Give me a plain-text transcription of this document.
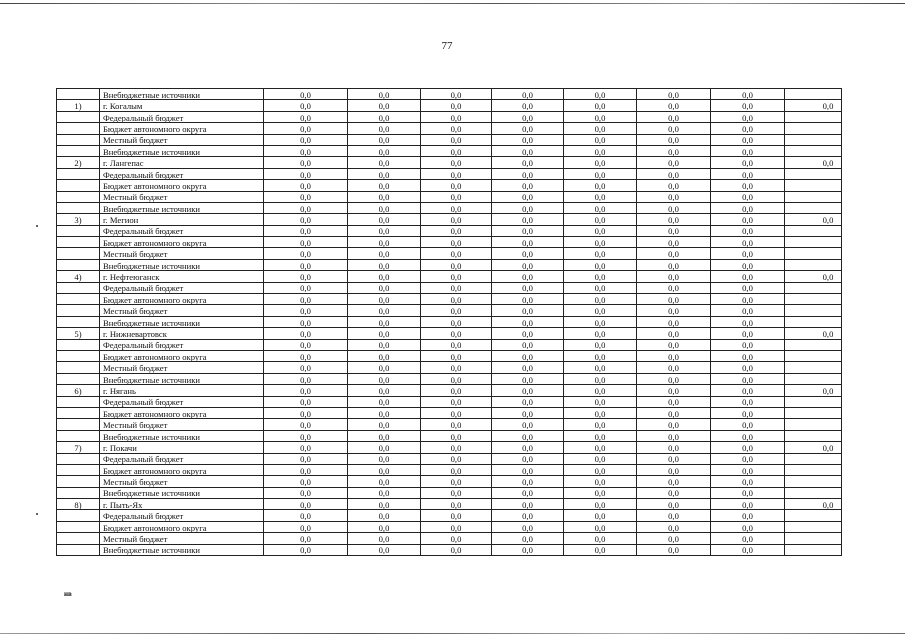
77
	Внебюджетные источники	0,0	0,0	0,0	0,0	0,0	0,0	0,0	
1)	г. Когалым	0,0	0,0	0,0	0,0	0,0	0,0	0,0	0,0
	Федеральный бюджет	0,0	0,0	0,0	0,0	0,0	0,0	0,0	
	Бюджет автономного округа	0,0	0,0	0,0	0,0	0,0	0,0	0,0	
	Местный бюджет	0,0	0,0	0,0	0,0	0,0	0,0	0,0	
	Внебюджетные источники	0,0	0,0	0,0	0,0	0,0	0,0	0,0	
2)	г. Лангепас	0,0	0,0	0,0	0,0	0,0	0,0	0,0	0,0
	Федеральный бюджет	0,0	0,0	0,0	0,0	0,0	0,0	0,0	
	Бюджет автономного округа	0,0	0,0	0,0	0,0	0,0	0,0	0,0	
	Местный бюджет	0,0	0,0	0,0	0,0	0,0	0,0	0,0	
	Внебюджетные источники	0,0	0,0	0,0	0,0	0,0	0,0	0,0	
3)	г. Мегион	0,0	0,0	0,0	0,0	0,0	0,0	0,0	0,0
	Федеральный бюджет	0,0	0,0	0,0	0,0	0,0	0,0	0,0	
	Бюджет автономного округа	0,0	0,0	0,0	0,0	0,0	0,0	0,0	
	Местный бюджет	0,0	0,0	0,0	0,0	0,0	0,0	0,0	
	Внебюджетные источники	0,0	0,0	0,0	0,0	0,0	0,0	0,0	
4)	г. Нефтеюганск	0,0	0,0	0,0	0,0	0,0	0,0	0,0	0,0
	Федеральный бюджет	0,0	0,0	0,0	0,0	0,0	0,0	0,0	
	Бюджет автономного округа	0,0	0,0	0,0	0,0	0,0	0,0	0,0	
	Местный бюджет	0,0	0,0	0,0	0,0	0,0	0,0	0,0	
	Внебюджетные источники	0,0	0,0	0,0	0,0	0,0	0,0	0,0	
5)	г. Нижневартовск	0,0	0,0	0,0	0,0	0,0	0,0	0,0	0,0
	Федеральный бюджет	0,0	0,0	0,0	0,0	0,0	0,0	0,0	
	Бюджет автономного округа	0,0	0,0	0,0	0,0	0,0	0,0	0,0	
	Местный бюджет	0,0	0,0	0,0	0,0	0,0	0,0	0,0	
	Внебюджетные источники	0,0	0,0	0,0	0,0	0,0	0,0	0,0	
6)	г. Нягань	0,0	0,0	0,0	0,0	0,0	0,0	0,0	0,0
	Федеральный бюджет	0,0	0,0	0,0	0,0	0,0	0,0	0,0	
	Бюджет автономного округа	0,0	0,0	0,0	0,0	0,0	0,0	0,0	
	Местный бюджет	0,0	0,0	0,0	0,0	0,0	0,0	0,0	
	Внебюджетные источники	0,0	0,0	0,0	0,0	0,0	0,0	0,0	
7)	г. Покачи	0,0	0,0	0,0	0,0	0,0	0,0	0,0	0,0
	Федеральный бюджет	0,0	0,0	0,0	0,0	0,0	0,0	0,0	
	Бюджет автономного округа	0,0	0,0	0,0	0,0	0,0	0,0	0,0	
	Местный бюджет	0,0	0,0	0,0	0,0	0,0	0,0	0,0	
	Внебюджетные источники	0,0	0,0	0,0	0,0	0,0	0,0	0,0	
8)	г. Пыть-Ях	0,0	0,0	0,0	0,0	0,0	0,0	0,0	0,0
	Федеральный бюджет	0,0	0,0	0,0	0,0	0,0	0,0	0,0	
	Бюджет автономного округа	0,0	0,0	0,0	0,0	0,0	0,0	0,0	
	Местный бюджет	0,0	0,0	0,0	0,0	0,0	0,0	0,0	
	Внебюджетные источники	0,0	0,0	0,0	0,0	0,0	0,0	0,0	
нв
